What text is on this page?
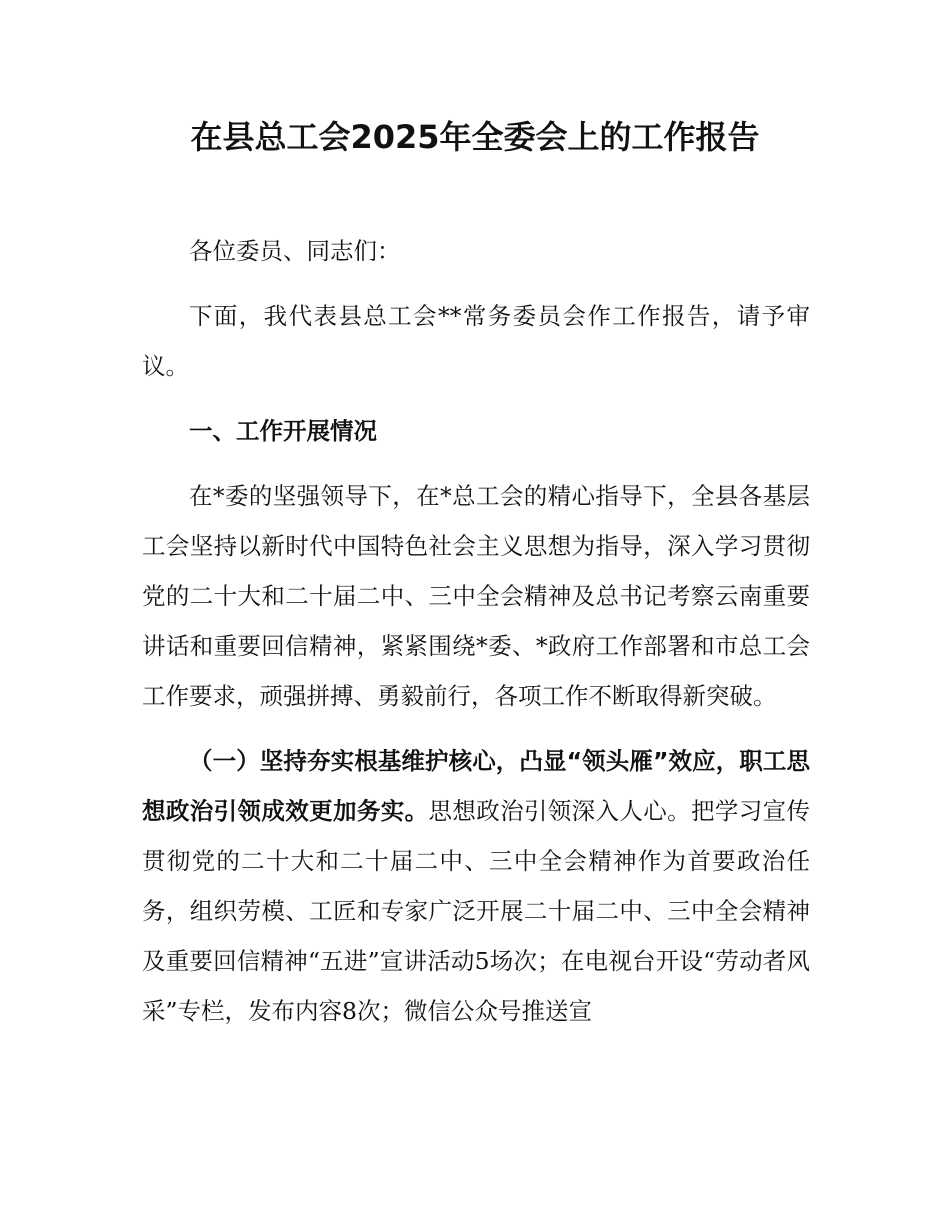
在县总工会2025年全委会上的工作报告

各位委员、同志们：

下面，我代表县总工会**常务委员会作工作报告，请予审议。

一、工作开展情况

在*委的坚强领导下，在*总工会的精心指导下，全县各基层工会坚持以新时代中国特色社会主义思想为指导，深入学习贯彻党的二十大和二十届二中、三中全会精神及总书记考察云南重要讲话和重要回信精神，紧紧围绕*委、*政府工作部署和市总工会工作要求，顽强拼搏、勇毅前行，各项工作不断取得新突破。

（一）坚持夯实根基维护核心，凸显“领头雁”效应，职工思想政治引领成效更加务实。思想政治引领深入人心。把学习宣传贯彻党的二十大和二十届二中、三中全会精神作为首要政治任务，组织劳模、工匠和专家广泛开展二十届二中、三中全会精神及重要回信精神“五进”宣讲活动5场次；在电视台开设“劳动者风采”专栏，发布内容8次；微信公众号推送宣
